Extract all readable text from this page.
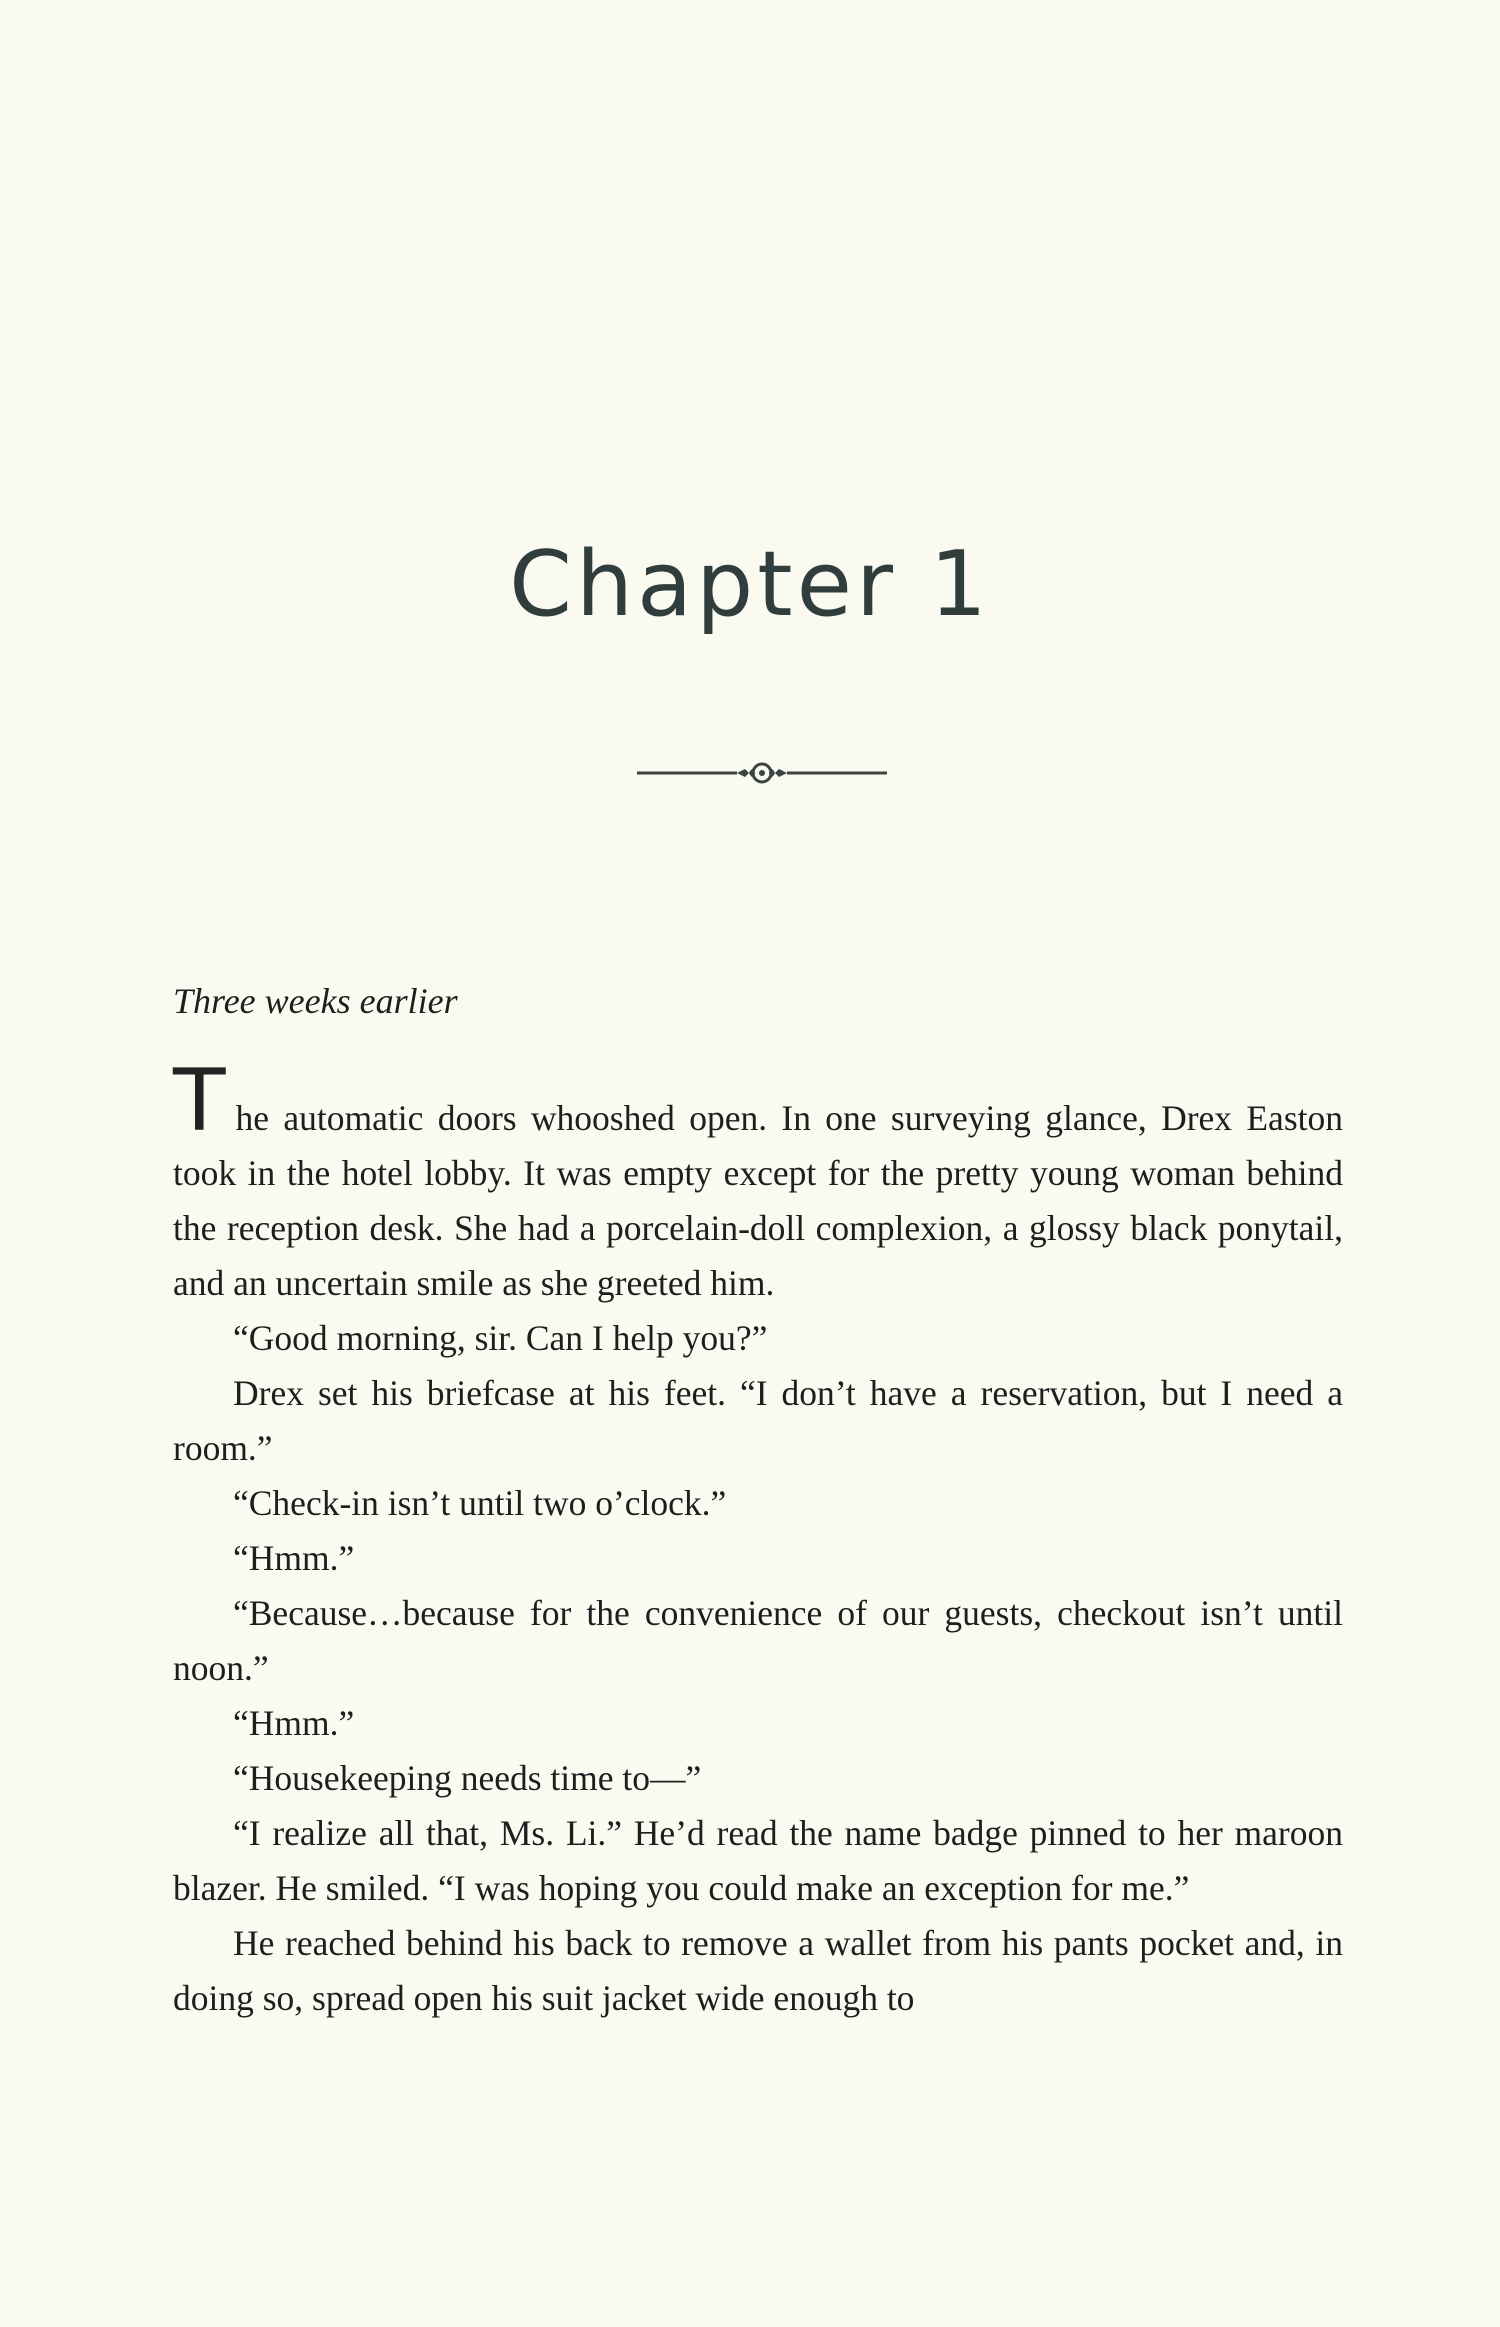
Chapter 1

Three weeks earlier

The automatic doors whooshed open. In one surveying glance, Drex Easton took in the hotel lobby. It was empty except for the pretty young woman behind the reception desk. She had a porcelain-doll complexion, a glossy black ponytail, and an uncertain smile as she greeted him.

“Good morning, sir. Can I help you?”

Drex set his briefcase at his feet. “I don’t have a reservation, but I need a room.”

“Check-in isn’t until two o’clock.”

“Hmm.”

“Because…because for the convenience of our guests, checkout isn’t until noon.”

“Hmm.”

“Housekeeping needs time to—”

“I realize all that, Ms. Li.” He’d read the name badge pinned to her maroon blazer. He smiled. “I was hoping you could make an exception for me.”

He reached behind his back to remove a wallet from his pants pocket and, in doing so, spread open his suit jacket wide enough to
